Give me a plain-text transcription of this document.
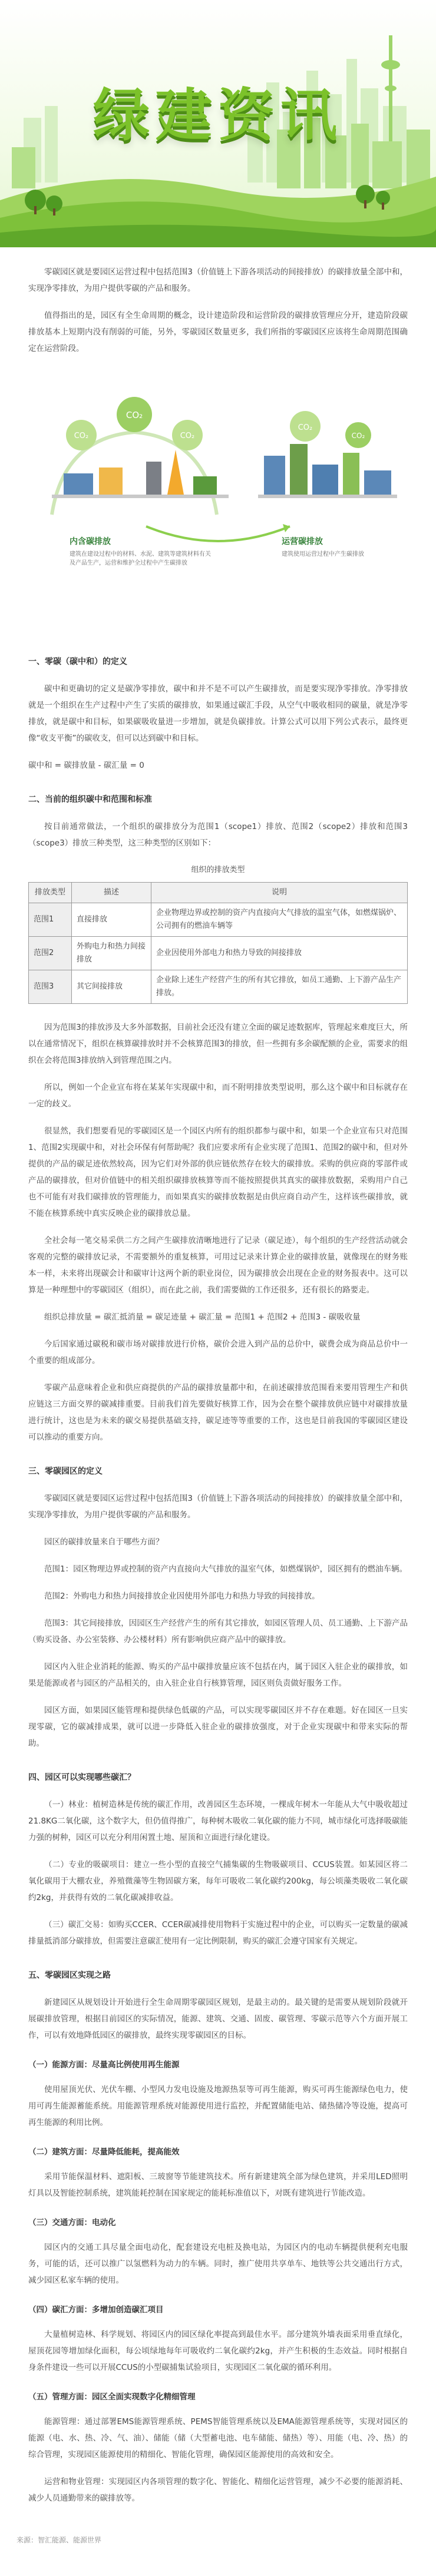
绿建资讯

零碳园区就是要园区运营过程中包括范围3（价值链上下游各项活动的间接排放）的碳排放量全部中和，实现净零排放，为用户提供零碳的产品和服务。

值得指出的是，园区有全生命周期的概念，设计建造阶段和运营阶段的碳排放管理应分开，建造阶段碳排放基本上短期内没有削弱的可能，另外，零碳园区数量更多，我们所指的零碳园区应该将生命周期范围确定在运营阶段。

CO₂
CO₂
CO₂
CO₂
CO₂
内含碳排放	运营碳排放
建筑在建设过程中的材料、水泥、建筑等建筑材料有关及产品生产，运营和维护全过程中产生碳排放
建筑使用运营过程中产生碳排放
一、零碳（碳中和）的定义

碳中和更确切的定义是碳净零排放，碳中和并不是不可以产生碳排放，而是要实现净零排放。净零排放就是一个组织在生产过程中产生了实质的碳排放，如果通过碳汇手段，从空气中吸收相同的碳量，就是净零排放，就是碳中和目标，如果碳吸收量进一步增加，就是负碳排放。计算公式可以用下列公式表示，最终更像“收支平衡”的碳收支，但可以达到碳中和目标。

碳中和 = 碳排放量 - 碳汇量 = 0

二、当前的组织碳中和范围和标准

按目前通常做法，一个组织的碳排放分为范围1（scope1）排放、范围2（scope2）排放和范围3（scope3）排放三种类型，这三种类型的区别如下：

组织的排放类型
排放类型	描述	说明
范围1	直接排放	企业物理边界或控制的资产内直接向大气排放的温室气体，如燃煤锅炉、公司拥有的燃油车辆等
范围2	外购电力和热力间接排放	企业因使用外部电力和热力导致的间接排放
范围3	其它间接排放	企业除上述生产经营产生的所有其它排放，如员工通勤、上下游产品生产排放。

因为范围3的排放涉及大多外部数据，目前社会还没有建立全面的碳足迹数据库，管理起来难度巨大，所以在通常情况下，组织在核算碳排放时并不会核算范围3的排放，但一些拥有多余碳配额的企业，需要求的组织在会将范围3排放纳入到管理范围之内。

所以，例如一个企业宣布将在某某年实现碳中和，而不附明排放类型说明，那么这个碳中和目标就存在一定的歧义。

很显然，我们想要看见的零碳园区是一个园区内所有的组织都参与碳中和，如果一个企业宣布只对范围1、范围2实现碳中和，对社会环保有何帮助呢？我们应要求所有企业实现了范围1、范围2的碳中和，但对外提供的产品的碳足迹依然较高，因为它们对外部的供应链依然存在较大的碳排放。采购的供应商的零部件或产品的碳排放，但对价值链中的相关组织碳排放核算等而不能按照提供其真实的碳排放数据，采购用户自己也不可能有对我们碳排放的管理能力，而如果真实的碳排放数据是由供应商自动产生，这样该些碳排放，就不能在核算系统中真实反映企业的碳排放总量。

全社会每一笔交易采供二方之间产生碳排放清晰地进行了记录（碳足迹），每个组织的生产经营活动就会客观的完整的碳排放记录，不需要额外的重复核算，可用过记录来计算企业的碳排放量，就像现在的财务账本一样，未来将出现碳会计和碳审计这两个新的职业岗位，因为碳排放会出现在企业的财务报表中。这可以算是一种理想中的零碳园区（组织），而在此之前，我们需要做的工作还很多，还有很长的路要走。

组织总排放量 = 碳汇抵消量 = 碳足迹量 + 碳汇量 = 范围1 + 范围2 + 范围3 - 碳吸收量

今后国家通过碳税和碳市场对碳排放进行价格，碳价会进入到产品的总价中，碳费会成为商品总价中一个重要的组成部分。

零碳产品意味着企业和供应商提供的产品的碳排放量都中和，在前述碳排放范围看来要用管理生产和供应链这三方面交界的碳减排重要。目前我们首先要做好核算工作，因为会在整个碳排放供应链中对碳排放量进行统计，这也是为未来的碳交易提供基础支持，碳足迹等等重要的工作，这也是目前我国的零碳园区建设可以推动的重要方向。

三、零碳园区的定义

零碳园区就是要园区运营过程中包括范围3（价值链上下游各项活动的间接排放）的碳排放量全部中和，实现净零排放，为用户提供零碳的产品和服务。

园区的碳排放量来自于哪些方面？

范围1：园区物理边界或控制的资产内直接向大气排放的温室气体，如燃煤锅炉，园区拥有的燃油车辆。

范围2：外购电力和热力间接排放企业因使用外部电力和热力导致的间接排放。

范围3：其它间接排放，因园区生产经营产生的所有其它排放，如园区管理人员、员工通勤、上下游产品（购买设备、办公室装修、办公楼材料）所有影响供应商产品中的碳排放。

园区内入驻企业消耗的能源、购买的产品中碳排放量应该不包括在内，属于园区入驻企业的碳排放，如果是能源或者与园区的产品相关的，由入驻企业自行核算管理，园区则负责做好服务工作。

园区方面，如果园区能管理和提供绿色低碳的产品，可以实现零碳园区并不存在难题。好在园区一旦实现零碳，它的碳减排成果，就可以进一步降低入驻企业的碳排放强度，对于企业实现碳中和带来实际的帮助。

四、园区可以实现哪些碳汇？

（一）林业：植树造林是传统的碳汇作用，改善园区生态环境，一棵成年树木一年能从大气中吸收超过21.8KG二氧化碳，这个数字大，但仍值得推广，每种树木吸收二氧化碳的能力不同，城市绿化可选择吸碳能力强的树种，园区可以充分利用闲置土地、屋顶和立面进行绿化建设。

（二）专业的吸碳项目：建立一些小型的直接空气捕集碳的生物吸碳项目、CCUS装置。如某园区将二氧化碳用于大棚农业，养殖微藻等生物固碳方案，每年可吸收二氧化碳约200kg，每公顷藻类吸收二氧化碳约2kg，并获得有效的二氧化碳减排收益。

（三）碳汇交易：如购买CCER、CCER碳减排使用物料于实施过程中的企业，可以购买一定数量的碳减排量抵消部分碳排放，但需要注意碳汇使用有一定比例限制，购买的碳汇会遵守国家有关规定。

五、零碳园区实现之路

新建园区从规划设计开始进行全生命周期零碳园区规划，是最主动的。最关键的是需要从规划阶段就开展碳排放管理，根据目前园区的实际情况，能源、建筑、交通、固废、碳管理、零碳示范等六个方面开展工作，可以有效地降低园区的碳排放，最终实现零碳园区的目标。

（一）能源方面：尽量高比例使用再生能源

使用屋顶光伏、光伏车棚、小型风力发电设施及地源热泵等可再生能源，购买可再生能源绿色电力，使用可再生能源蓄能系统。用能源管理系统对能源使用进行监控，并配置储能电站、储热储冷等设施，提高可再生能源的利用比例。

（二）建筑方面：尽量降低能耗，提高能效

采用节能保温材料、遮阳板、三玻窗等节能建筑技术。所有新建建筑全部为绿色建筑，并采用LED照明灯具以及智能控制系统，建筑能耗控制在国家规定的能耗标准值以下，对既有建筑进行节能改造。

（三）交通方面：电动化

园区内的交通工具尽量全面电动化，配套建设充电桩及换电站，为园区内的电动车辆提供便利充电服务，可能的话，还可以推广以氢燃料为动力的车辆。同时，推广使用共享单车、地铁等公共交通出行方式，减少园区私家车辆的使用。

（四）碳汇方面：多增加创造碳汇项目

大量植树造林、科学规划、将园区内的园区绿化率提高到最佳水平。部分建筑外墙表面采用垂直绿化，屋顶花园等增加绿化面积，每公顷绿地每年可吸收约二氧化碳约2kg，并产生积极的生态效益。同时根据自身条件建设一些可以开展CCUS的小型碳捕集试验项目，实现园区二氧化碳的循环利用。

（五）管理方面：园区全面实现数字化精细管理

能源管理：通过部署EMS能源管理系统、PEMS智能管理系统以及EMA能源管理系统等，实现对园区的能源（电、水、热、冷、气、油）、储能（储（大型蓄电池、电车储能、储热）等）、用能（电、冷、热）的综合管理，实现园区能源使用的精细化、智能化管理，确保园区能源使用的高效和安全。

运营和物业管理：实现园区内各项管理的数字化、智能化、精细化运营管理，减少不必要的能源消耗、减少人员通勤带来的碳排放等。

来源：智汇能源、能源世界
